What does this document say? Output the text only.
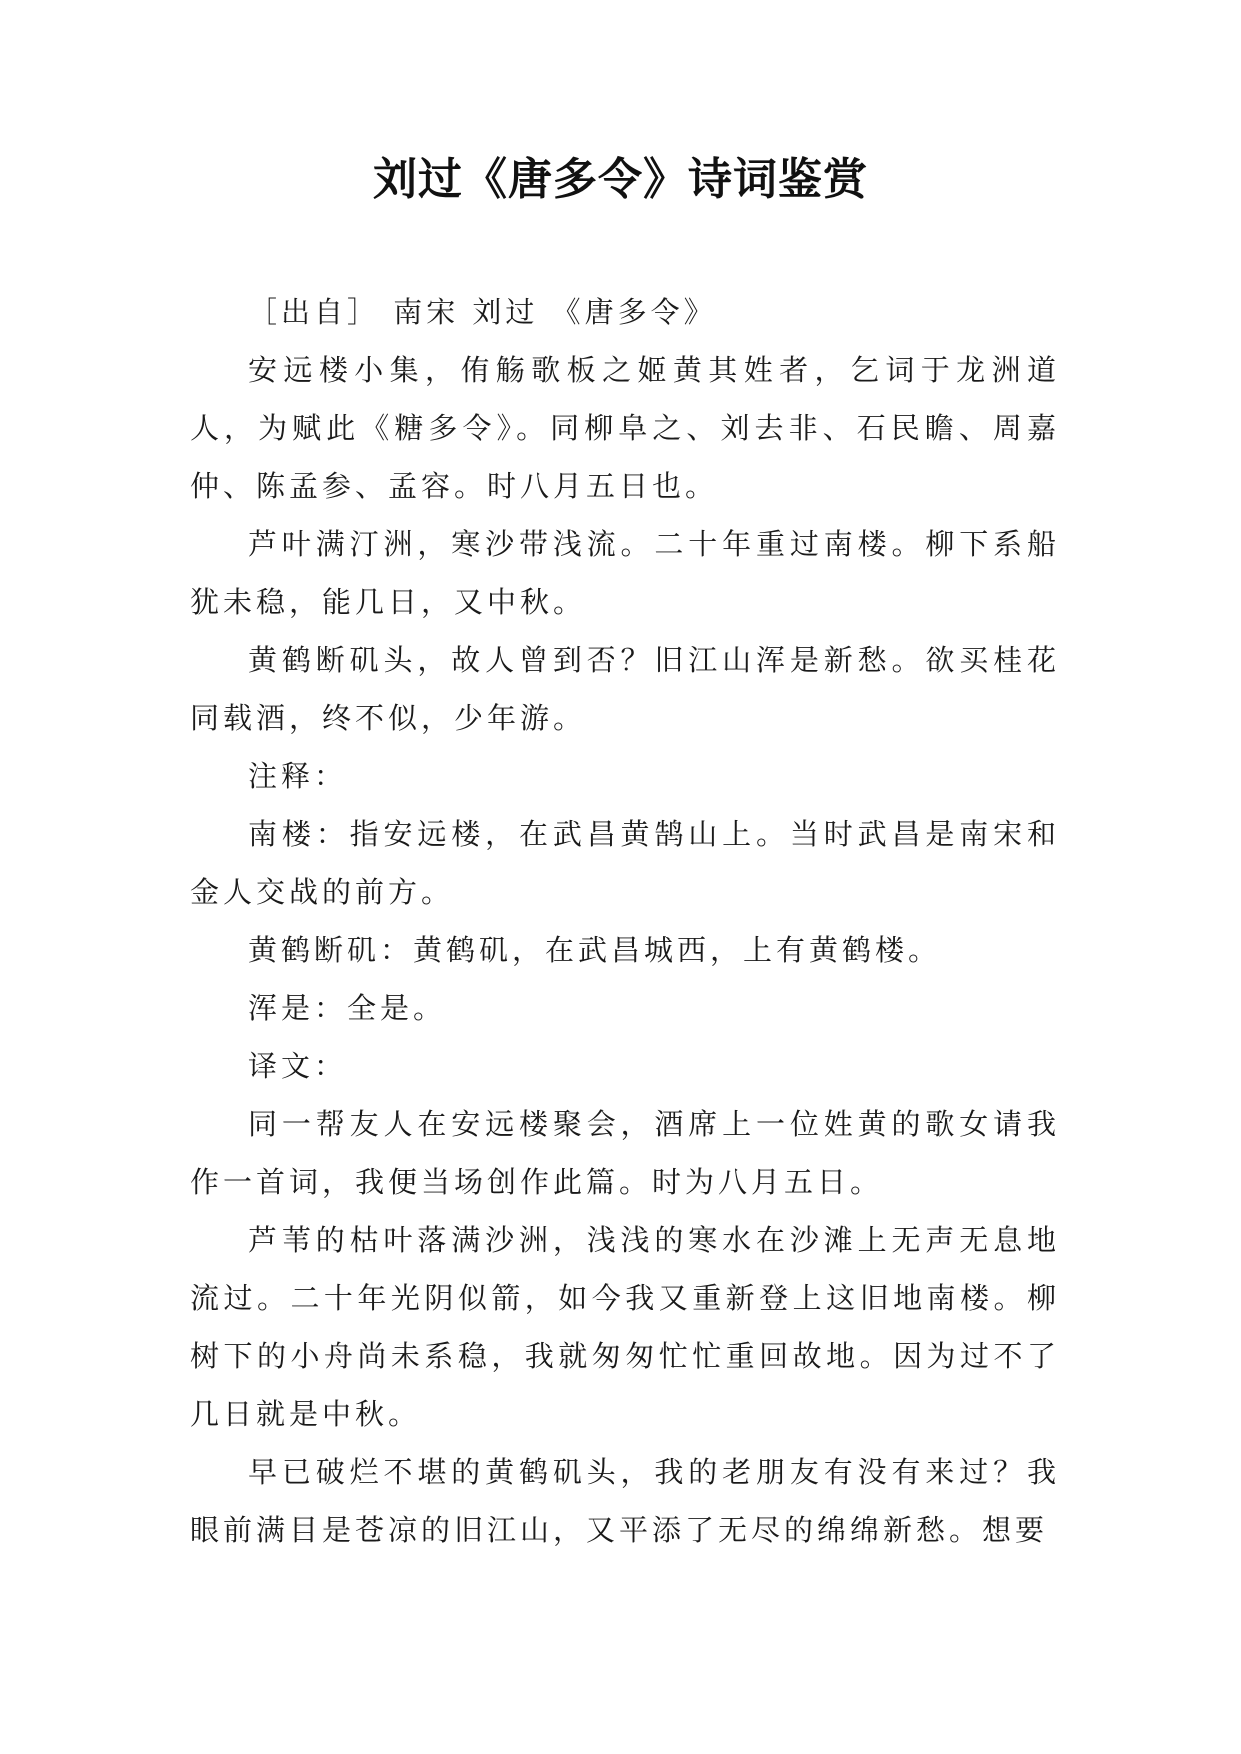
刘过《唐多令》诗词鉴赏

［出自］ 南宋 刘过 《唐多令》

安远楼小集，侑觞歌板之姬黄其姓者，乞词于龙洲道人，为赋此《糖多令》。同柳阜之、刘去非、石民瞻、周嘉仲、陈孟参、孟容。时八月五日也。

芦叶满汀洲，寒沙带浅流。二十年重过南楼。柳下系船犹未稳，能几日，又中秋。

黄鹤断矶头，故人曾到否？旧江山浑是新愁。欲买桂花同载酒，终不似，少年游。

注释：

南楼：指安远楼，在武昌黄鹄山上。当时武昌是南宋和金人交战的前方。

黄鹤断矶：黄鹤矶，在武昌城西，上有黄鹤楼。

浑是：全是。

译文：

同一帮友人在安远楼聚会，酒席上一位姓黄的歌女请我作一首词，我便当场创作此篇。时为八月五日。

芦苇的枯叶落满沙洲，浅浅的寒水在沙滩上无声无息地流过。二十年光阴似箭，如今我又重新登上这旧地南楼。柳树下的小舟尚未系稳，我就匆匆忙忙重回故地。因为过不了几日就是中秋。

早已破烂不堪的黄鹤矶头，我的老朋友有没有来过？我眼前满目是苍凉的旧江山，又平添了无尽的绵绵新愁。想要
